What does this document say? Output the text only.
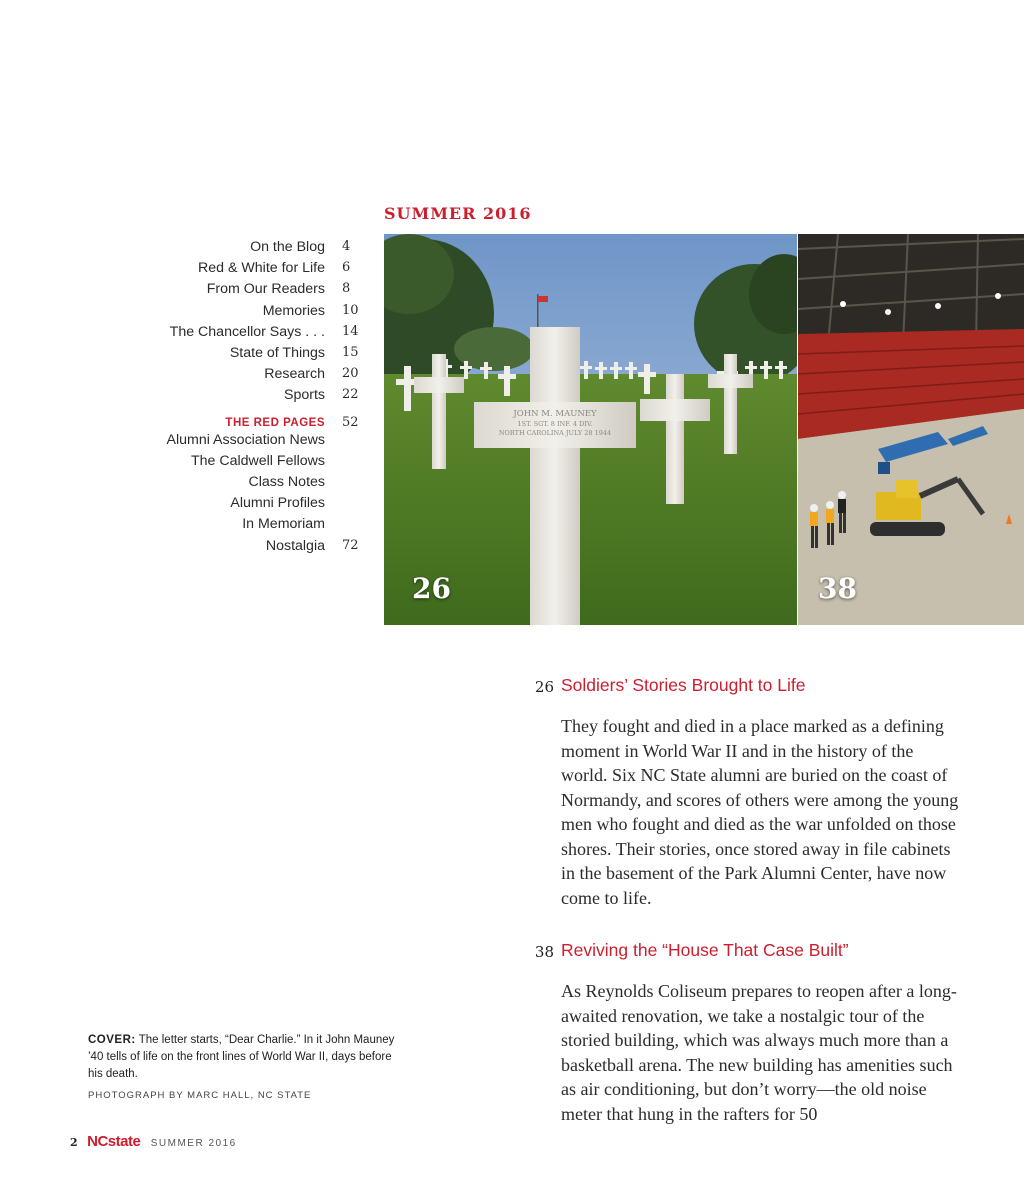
SUMMER 2016
On the Blog 4
Red & White for Life 6
From Our Readers 8
Memories 10
The Chancellor Says . . . 14
State of Things 15
Research 20
Sports 22
THE RED PAGES 52
Alumni Association News
The Caldwell Fellows
Class Notes
Alumni Profiles
In Memoriam
Nostalgia 72
JOHN M. MAUNEY
1ST. SGT. 8 INF. 4 DIV.
NORTH CAROLINA JULY 28 1944
26	38
26 Soldiers’ Stories Brought to Life
They fought and died in a place marked as a defining moment in World War II and in the history of the world. Six NC State alumni are buried on the coast of Normandy, and scores of others were among the young men who fought and died as the war unfolded on those shores. Their stories, once stored away in file cabinets in the basement of the Park Alumni Center, have now come to life.
38 Reviving the “House That Case Built”
As Reynolds Coliseum prepares to reopen after a long-awaited renovation, we take a nostalgic tour of the storied building, which was always much more than a basketball arena. The new building has amenities such as air conditioning, but don’t worry—the old noise meter that hung in the rafters for 50
COVER: The letter starts, “Dear Charlie.” In it John Mauney ’40 tells of life on the front lines of World War II, days before his death.
PHOTOGRAPH BY MARC HALL, NC STATE
2 NCstate SUMMER 2016
